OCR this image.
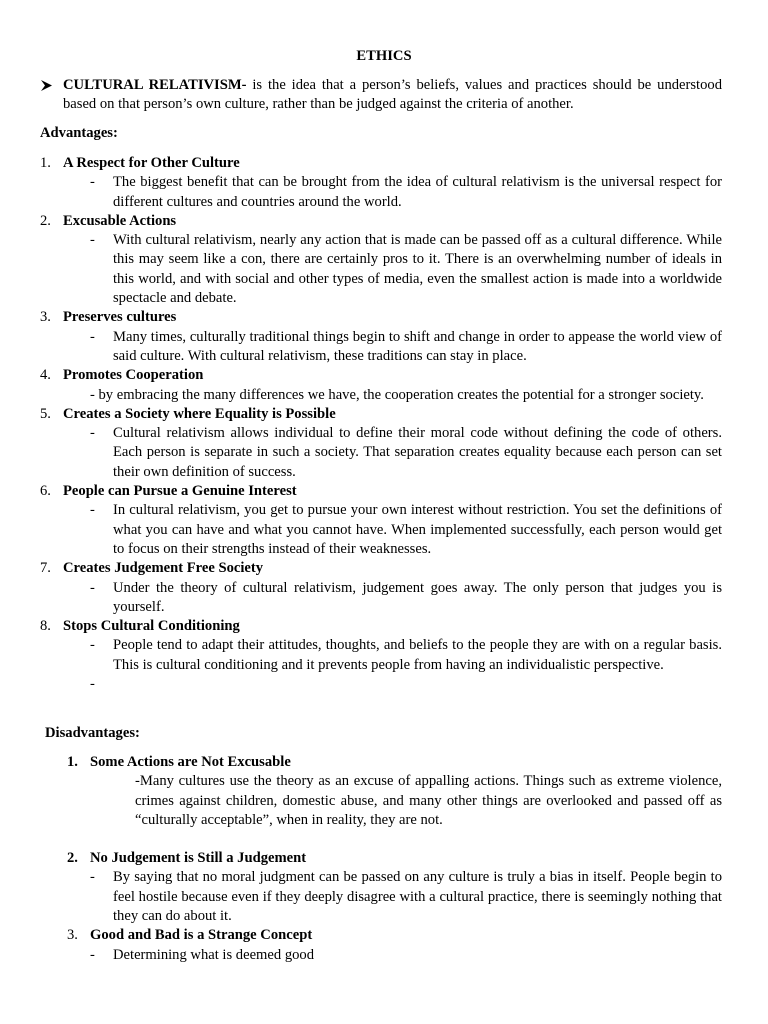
ETHICS

CULTURAL RELATIVISM- is the idea that a person’s beliefs, values and practices should be understood based on that person’s own culture, rather than be judged against the criteria of another.

Advantages:
1. A Respect for Other Culture
- The biggest benefit that can be brought from the idea of cultural relativism is the universal respect for different cultures and countries around the world.
2. Excusable Actions
- With cultural relativism, nearly any action that is made can be passed off as a cultural difference. While this may seem like a con, there are certainly pros to it. There is an overwhelming number of ideals in this world, and with social and other types of media, even the smallest action is made into a worldwide spectacle and debate.
3. Preserves cultures
- Many times, culturally traditional things begin to shift and change in order to appease the world view of said culture. With cultural relativism, these traditions can stay in place.
4. Promotes Cooperation
- by embracing the many differences we have, the cooperation creates the potential for a stronger society.
5. Creates a Society where Equality is Possible
- Cultural relativism allows individual to define their moral code without defining the code of others. Each person is separate in such a society. That separation creates equality because each person can set their own definition of success.
6. People can Pursue a Genuine Interest
- In cultural relativism, you get to pursue your own interest without restriction. You set the definitions of what you can have and what you cannot have. When implemented successfully, each person would get to focus on their strengths instead of their weaknesses.
7. Creates Judgement Free Society
- Under the theory of cultural relativism, judgement goes away. The only person that judges you is yourself.
8. Stops Cultural Conditioning
- People tend to adapt their attitudes, thoughts, and beliefs to the people they are with on a regular basis. This is cultural conditioning and it prevents people from having an individualistic perspective.
-

Disadvantages:
1. Some Actions are Not Excusable
-Many cultures use the theory as an excuse of appalling actions. Things such as extreme violence, crimes against children, domestic abuse, and many other things are overlooked and passed off as “culturally acceptable”, when in reality, they are not.
2. No Judgement is Still a Judgement
- By saying that no moral judgment can be passed on any culture is truly a bias in itself. People begin to feel hostile because even if they deeply disagree with a cultural practice, there is seemingly nothing that they can do about it.
3. Good and Bad is a Strange Concept
- Determining what is deemed good
